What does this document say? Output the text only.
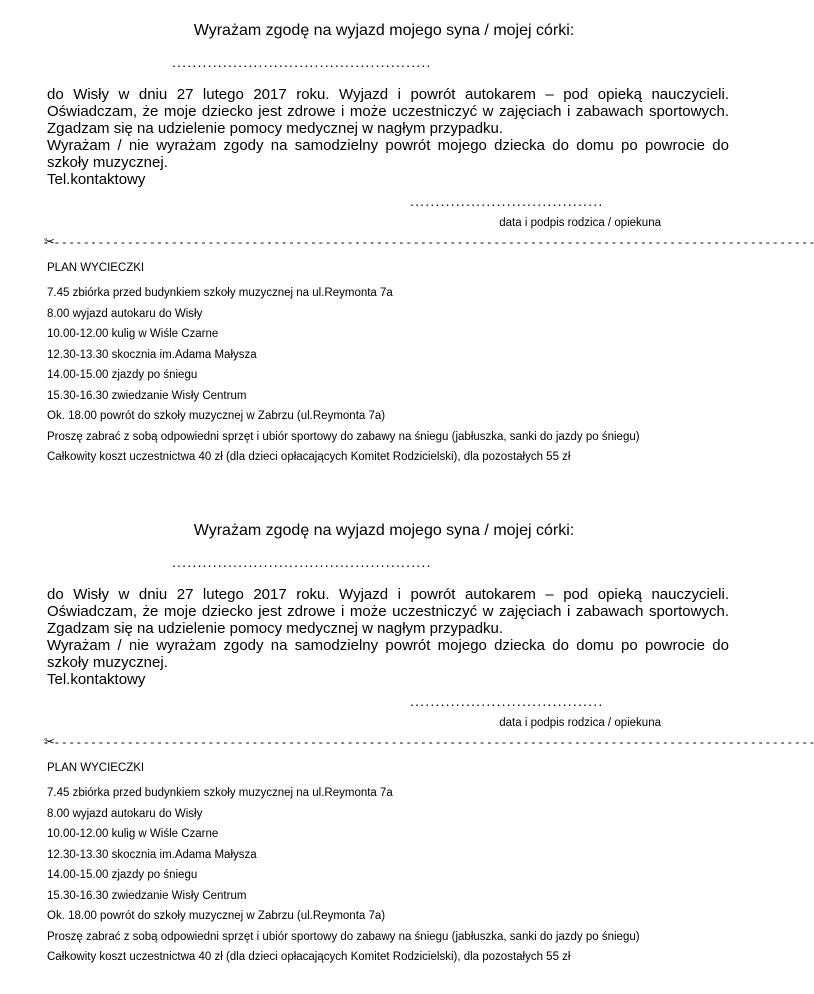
Wyrażam zgodę na wyjazd mojego syna / mojej córki:
...................................................

do Wisły w dniu 27 lutego 2017 roku. Wyjazd i powrót autokarem – pod opieką nauczycieli. Oświadczam, że moje dziecko jest zdrowe i może uczestniczyć w zajęciach i zabawach sportowych. Zgadzam się na udzielenie pomocy medycznej w nagłym przypadku.

Wyrażam / nie wyrażam zgody na samodzielny powrót mojego dziecka do domu po powrocie do szkoły muzycznej.

Tel.kontaktowy

......................................
data i podpis rodzica / opiekuna
✂- - - - - - - - - - - - - - - - - - - - - - - - - - - - - - - - - - - - - - - - - - - - - - - - - - - - - - - - - - - - - - - - - - - - - - - - - - - - - - - - - - - - - - - - - - - - - - - - - - - - - - - -
PLAN WYCIECZKI
7.45 zbiórka przed budynkiem szkoły muzycznej na ul.Reymonta 7a
8.00 wyjazd autokaru do Wisły
10.00-12.00 kulig w Wiśle Czarne
12.30-13.30 skocznia im.Adama Małysza
14.00-15.00 zjazdy po śniegu
15.30-16.30 zwiedzanie Wisły Centrum
Ok. 18.00 powrót do szkoły muzycznej w Zabrzu (ul.Reymonta 7a)
Proszę zabrać z sobą odpowiedni sprzęt i ubiór sportowy do zabawy na śniegu (jabłuszka, sanki do jazdy po śniegu)
Całkowity koszt uczestnictwa 40 zł (dla dzieci opłacających Komitet Rodzicielski), dla pozostałych 55 zł
Wyrażam zgodę na wyjazd mojego syna / mojej córki:
...................................................

do Wisły w dniu 27 lutego 2017 roku. Wyjazd i powrót autokarem – pod opieką nauczycieli. Oświadczam, że moje dziecko jest zdrowe i może uczestniczyć w zajęciach i zabawach sportowych. Zgadzam się na udzielenie pomocy medycznej w nagłym przypadku.

Wyrażam / nie wyrażam zgody na samodzielny powrót mojego dziecka do domu po powrocie do szkoły muzycznej.

Tel.kontaktowy

......................................
data i podpis rodzica / opiekuna
✂- - - - - - - - - - - - - - - - - - - - - - - - - - - - - - - - - - - - - - - - - - - - - - - - - - - - - - - - - - - - - - - - - - - - - - - - - - - - - - - - - - - - - - - - - - - - - - - - - - - - - - - -
PLAN WYCIECZKI
7.45 zbiórka przed budynkiem szkoły muzycznej na ul.Reymonta 7a
8.00 wyjazd autokaru do Wisły
10.00-12.00 kulig w Wiśle Czarne
12.30-13.30 skocznia im.Adama Małysza
14.00-15.00 zjazdy po śniegu
15.30-16.30 zwiedzanie Wisły Centrum
Ok. 18.00 powrót do szkoły muzycznej w Zabrzu (ul.Reymonta 7a)
Proszę zabrać z sobą odpowiedni sprzęt i ubiór sportowy do zabawy na śniegu (jabłuszka, sanki do jazdy po śniegu)
Całkowity koszt uczestnictwa 40 zł (dla dzieci opłacających Komitet Rodzicielski), dla pozostałych 55 zł
